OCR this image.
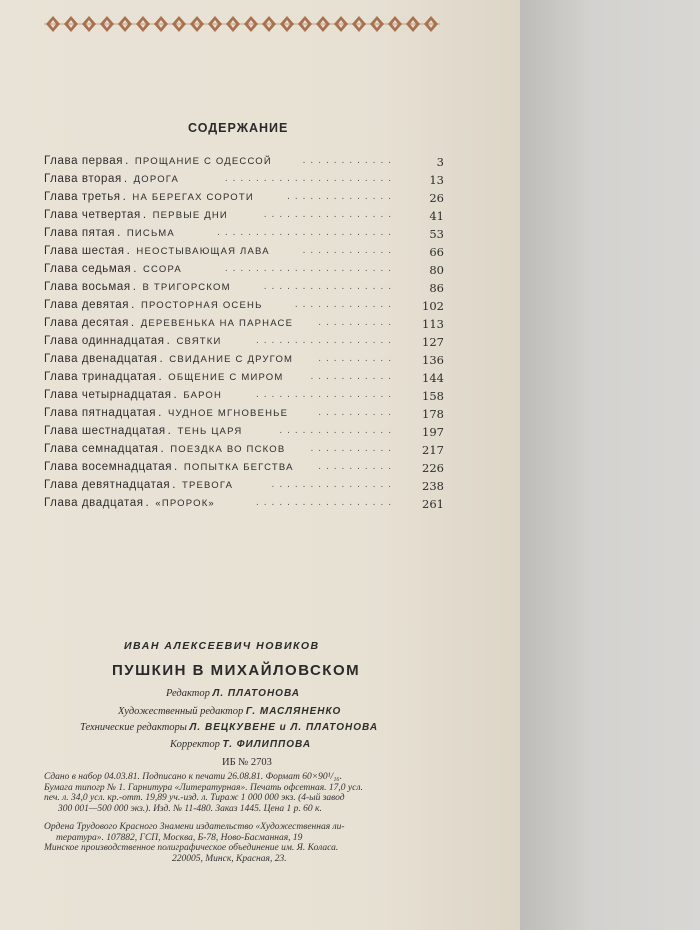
СОДЕРЖАНИЕ
Глава первая . ПРОЩАНИЕ С ОДЕССОЙ	3
............
Глава вторая . ДОРОГА	13
......................
Глава третья . НА БЕРЕГАХ СОРОТИ	26
..............
Глава четвертая . ПЕРВЫЕ ДНИ	41
.................
Глава пятая . ПИСЬМА	53
.......................
Глава шестая . НЕОСТЫВАЮЩАЯ ЛАВА	66
............
Глава седьмая . ССОРА	80
......................
Глава восьмая . В ТРИГОРСКОМ	86
.................
Глава девятая . ПРОСТОРНАЯ ОСЕНЬ	102
.............
Глава десятая . ДЕРЕВЕНЬКА НА ПАРНАСЕ	113
..........
Глава одиннадцатая . СВЯТКИ	127
..................
Глава двенадцатая . СВИДАНИЕ С ДРУГОМ	136
..........
Глава тринадцатая . ОБЩЕНИЕ С МИРОМ	144
...........
Глава четырнадцатая . БАРОН	158
..................
Глава пятнадцатая . ЧУДНОЕ МГНОВЕНЬЕ	178
..........
Глава шестнадцатая . ТЕНЬ ЦАРЯ	197
...............
Глава семнадцатая . ПОЕЗДКА ВО ПСКОВ	217
...........
Глава восемнадцатая . ПОПЫТКА БЕГСТВА	226
..........
Глава девятнадцатая . ТРЕВОГА	238
................
Глава двадцатая . «ПРОРОК»	261
..................
ИВАН АЛЕКСЕЕВИЧ НОВИКОВ
ПУШКИН В МИХАЙЛОВСКОМ
Редактор Л. ПЛАТОНОВА
Художественный редактор Г. МАСЛЯНЕНКО
Технические редакторы Л. ВЕЦКУВЕНЕ и Л. ПЛАТОНОВА
Корректор Т. ФИЛИППОВА
ИБ № 2703
Сдано в набор 04.03.81. Подписано к печати 26.08.81. Формат 60×90¹/₁₆.
Бумага типогр № 1. Гарнитура «Литературная». Печать офсетная. 17,0 усл.
печ. л. 34,0 усл. кр.-отт. 19,89 уч.-изд. л. Тираж 1 000 000 экз. (4-ый завод
300 001—500 000 экз.). Изд. № 11-480. Заказ 1445. Цена 1 р. 60 к.
Ордена Трудового Красного Знамени издательство «Художественная ли-
тература». 107882, ГСП, Москва, Б-78, Ново-Басманная, 19
Минское производственное полиграфическое объединение им. Я. Коласа.
220005, Минск, Красная, 23.
